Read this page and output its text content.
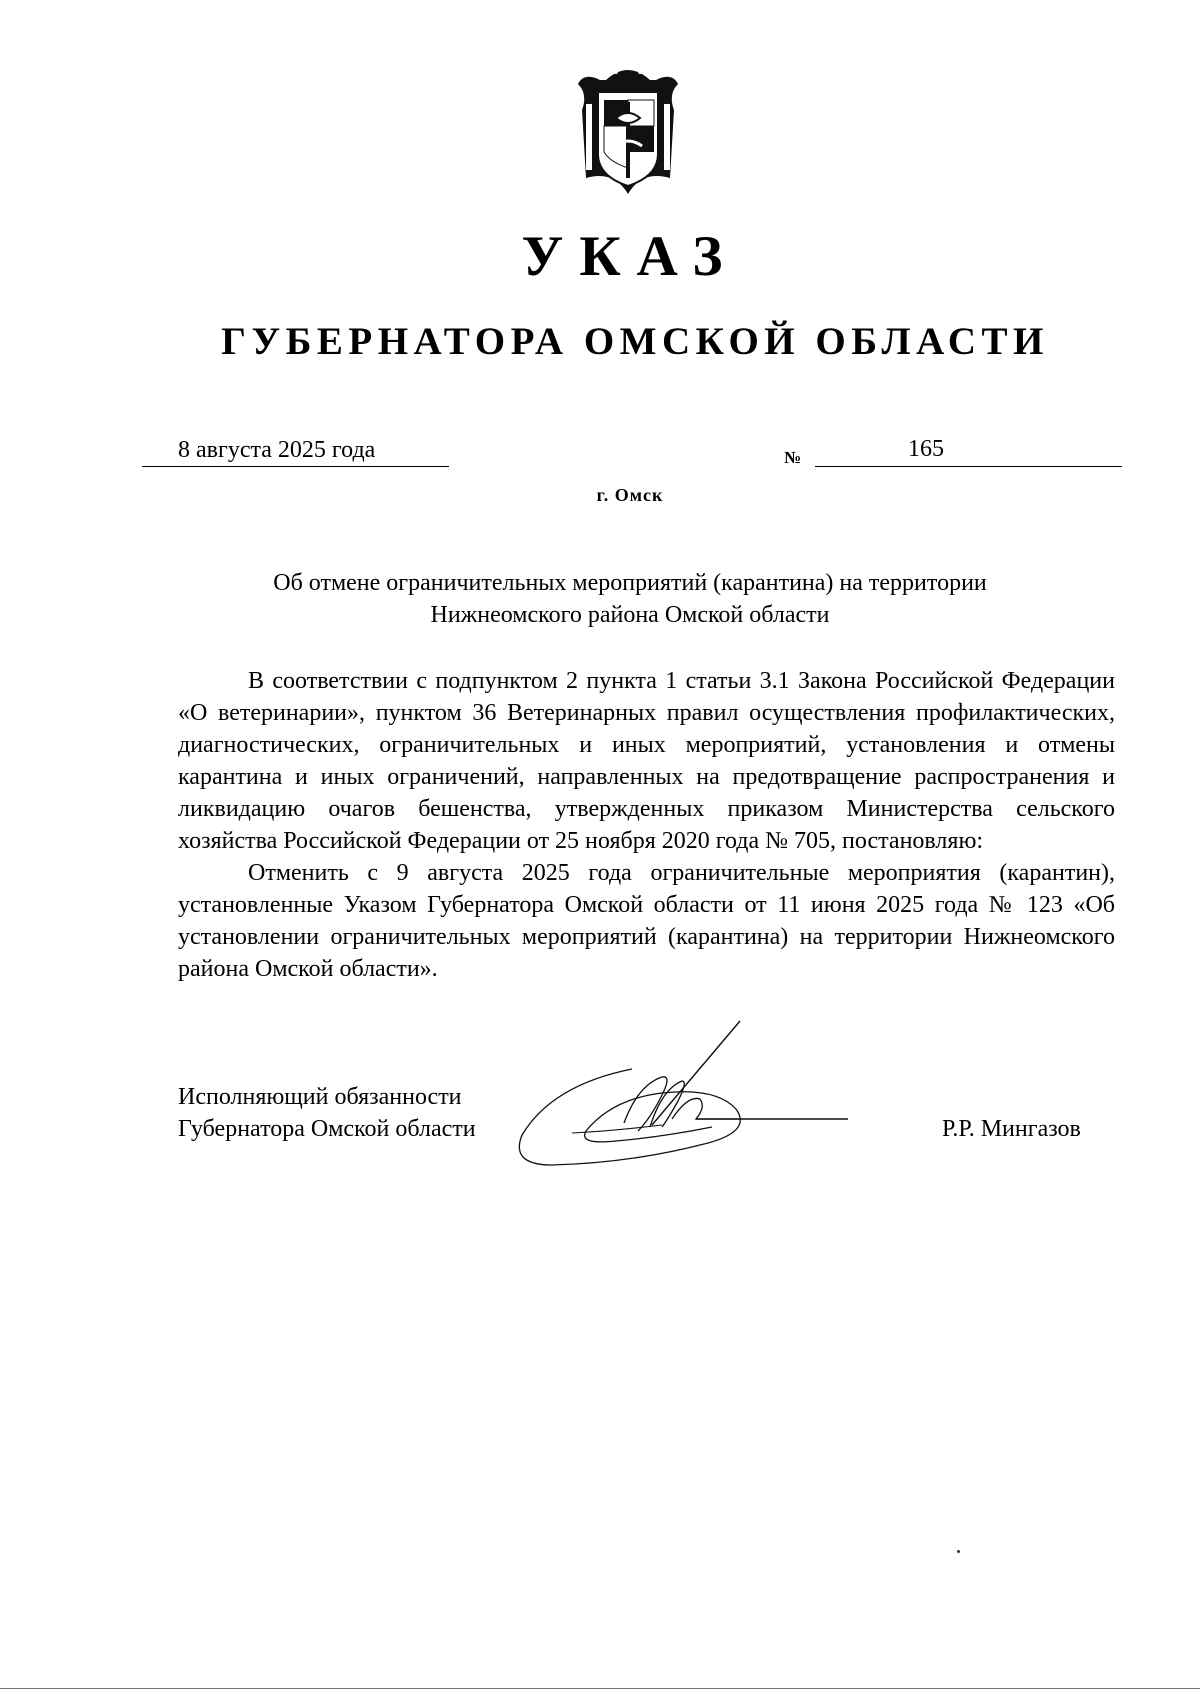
УКАЗ
ГУБЕРНАТОРА ОМСКОЙ ОБЛАСТИ
8 августа 2025 года	№	165
г. Омск
Об отмене ограничительных мероприятий (карантина) на территории
Нижнеомского района Омской области

В соответствии с подпунктом 2 пункта 1 статьи 3.1 Закона Российской Федерации «О ветеринарии», пунктом 36 Ветеринарных правил осуществления профилактических, диагностических, ограничительных и иных мероприятий, установления и отмены карантина и иных ограничений, направленных на предотвращение распространения и ликвидацию очагов бешенства, утвержденных приказом Министерства сельского хозяйства Российской Федерации от 25 ноября 2020 года № 705, постановляю:

Отменить с 9 августа 2025 года ограничительные мероприятия (карантин), установленные Указом Губернатора Омской области от 11 июня 2025 года № 123 «Об установлении ограничительных мероприятий (карантина) на территории Нижнеомского района Омской области».

Исполняющий обязанности
Губернатора Омской области	Р.Р. Мингазов
